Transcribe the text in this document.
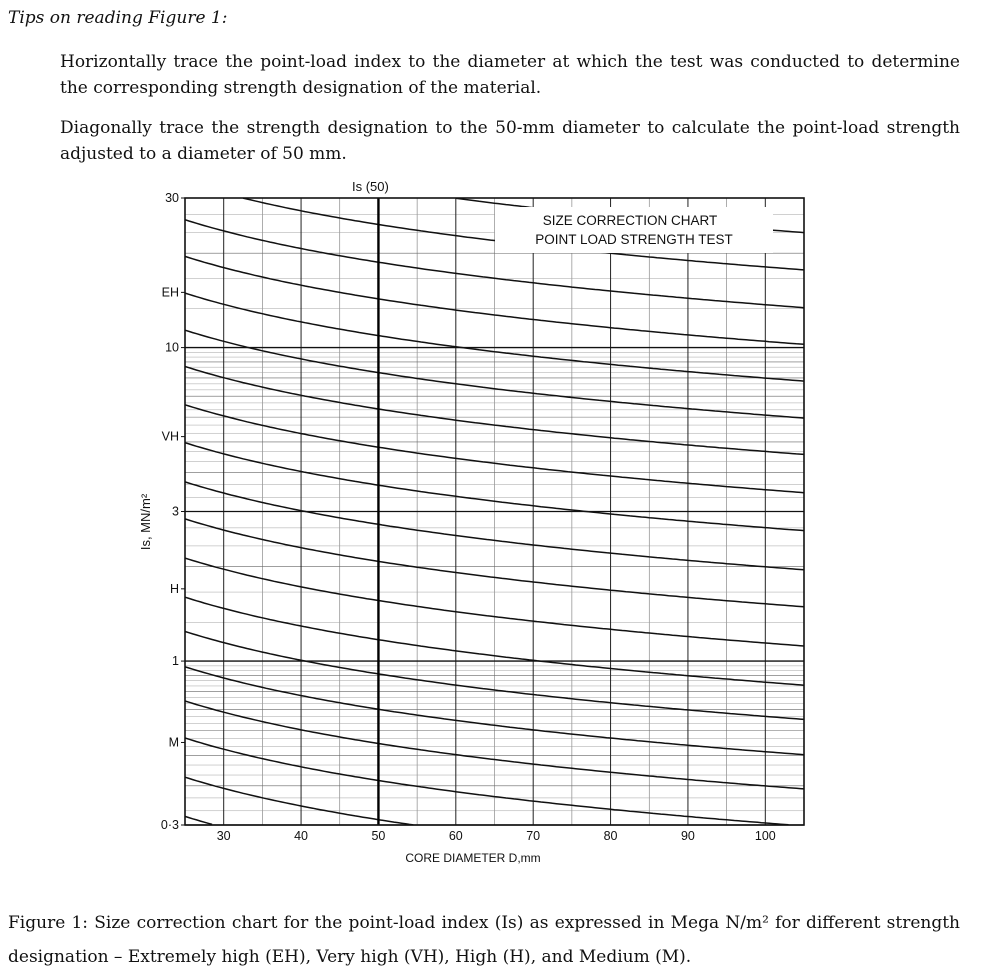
Tips on reading Figure 1:

Horizontally trace the point-load index to the diameter at which the test was conducted to determine the corresponding strength designation of the material.

Diagonally trace the strength designation to the 50-mm diameter to calculate the point-load strength adjusted to a diameter of 50 mm.

SIZE CORRECTION CHART
POINT LOAD STRENGTH TEST
Is (50)
30	40	50	60	70	80	90	100
30
EH
10
VH
3
H
1
M
0·3
CORE DIAMETER D,mm
Is, MN/m²

Figure 1: Size correction chart for the point-load index (Is) as expressed in Mega N/m² for different strength designation – Extremely high (EH), Very high (VH), High (H), and Medium (M).
